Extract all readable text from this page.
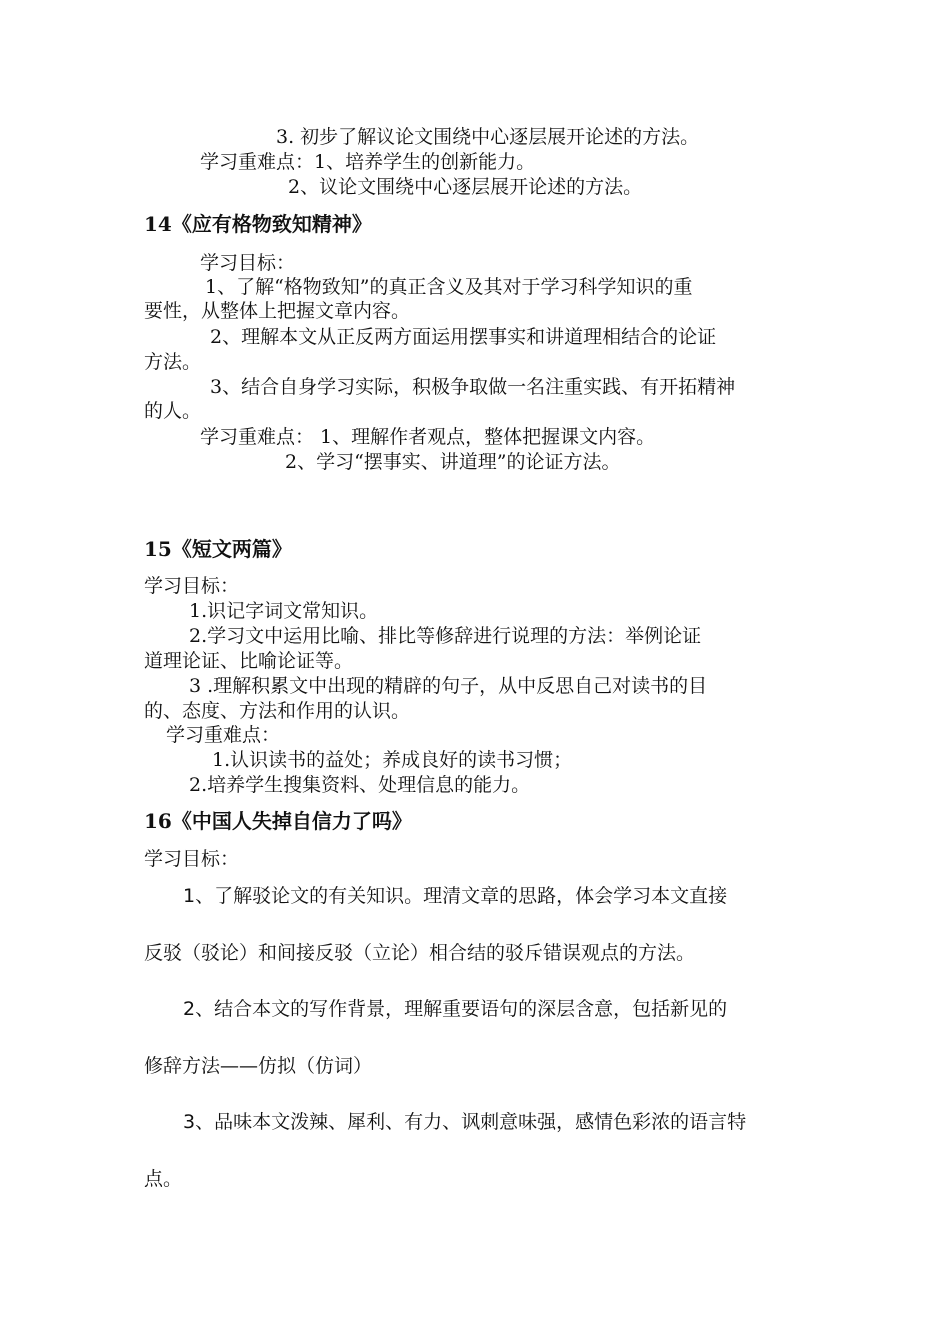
3. 初步了解议论文围绕中心逐层展开论述的方法。
学习重难点：1、培养学生的创新能力。
2、议论文围绕中心逐层展开论述的方法。
14《应有格物致知精神》
学习目标：
1、了解“格物致知”的真正含义及其对于学习科学知识的重
要性，从整体上把握文章内容。
2、理解本文从正反两方面运用摆事实和讲道理相结合的论证
方法。
3、结合自身学习实际，积极争取做一名注重实践、有开拓精神
的人。
学习重难点： 1、理解作者观点，整体把握课文内容。
2、学习“摆事实、讲道理”的论证方法。
15《短文两篇》
学习目标：
1.识记字词文常知识。
2.学习文中运用比喻、排比等修辞进行说理的方法：举例论证
道理论证、比喻论证等。
3 .理解积累文中出现的精辟的句子，从中反思自己对读书的目
的、态度、方法和作用的认识。
学习重难点：
1.认识读书的益处；养成良好的读书习惯；
2.培养学生搜集资料、处理信息的能力。
16《中国人失掉自信力了吗》
学习目标：
1、了解驳论文的有关知识。理清文章的思路，体会学习本文直接
反驳（驳论）和间接反驳（立论）相合结的驳斥错误观点的方法。
2、结合本文的写作背景，理解重要语句的深层含意，包括新见的
修辞方法——仿拟（仿词）
3、品味本文泼辣、犀利、有力、讽刺意味强，感情色彩浓的语言特
点。
